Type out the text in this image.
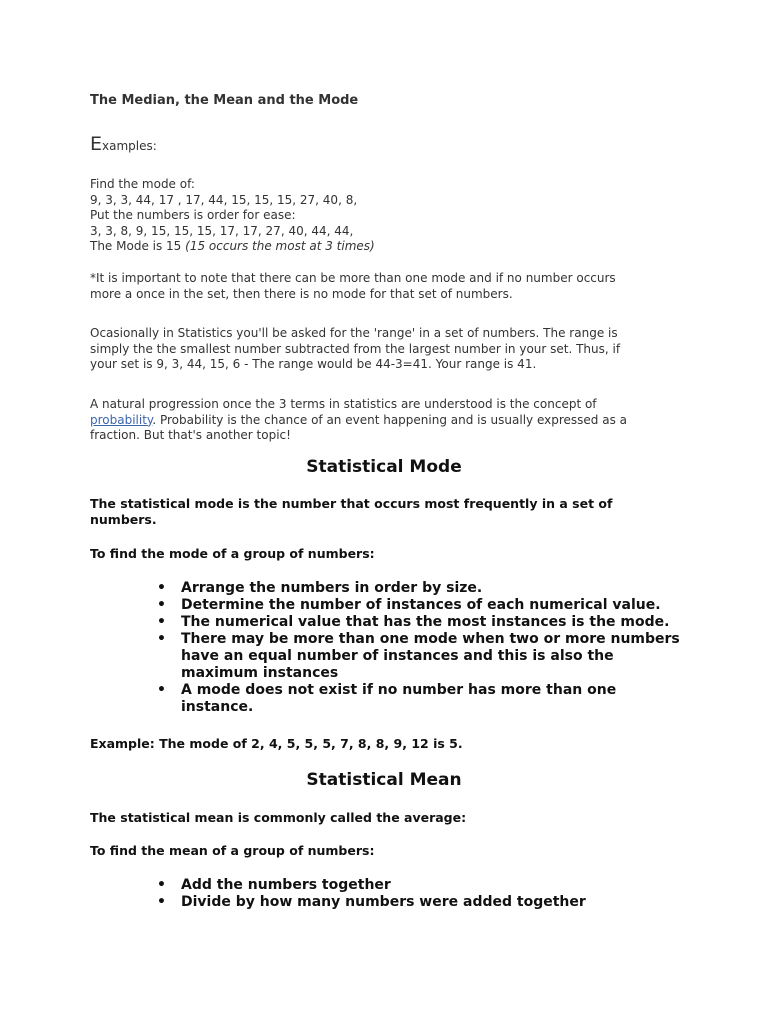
The Median, the Mean and the Mode
Examples:
Find the mode of:
9, 3, 3, 44, 17 , 17, 44, 15, 15, 15, 27, 40, 8,
Put the numbers is order for ease:
3, 3, 8, 9, 15, 15, 15, 17, 17, 27, 40, 44, 44,
The Mode is 15 (15 occurs the most at 3 times)
*It is important to note that there can be more than one mode and if no number occurs
more a once in the set, then there is no mode for that set of numbers.
Ocasionally in Statistics you'll be asked for the 'range' in a set of numbers. The range is
simply the the smallest number subtracted from the largest number in your set. Thus, if
your set is 9, 3, 44, 15, 6 - The range would be 44-3=41. Your range is 41.
A natural progression once the 3 terms in statistics are understood is the concept of
probability. Probability is the chance of an event happening and is usually expressed as a
fraction. But that's another topic!
Statistical Mode
The statistical mode is the number that occurs most frequently in a set of
numbers.
To find the mode of a group of numbers:
• Arrange the numbers in order by size.
• Determine the number of instances of each numerical value.
• The numerical value that has the most instances is the mode.
• There may be more than one mode when two or more numbers
have an equal number of instances and this is also the
maximum instances
• A mode does not exist if no number has more than one
instance.
Example: The mode of 2, 4, 5, 5, 5, 7, 8, 8, 9, 12 is 5.
Statistical Mean
The statistical mean is commonly called the average:
To find the mean of a group of numbers:
• Add the numbers together
• Divide by how many numbers were added together
